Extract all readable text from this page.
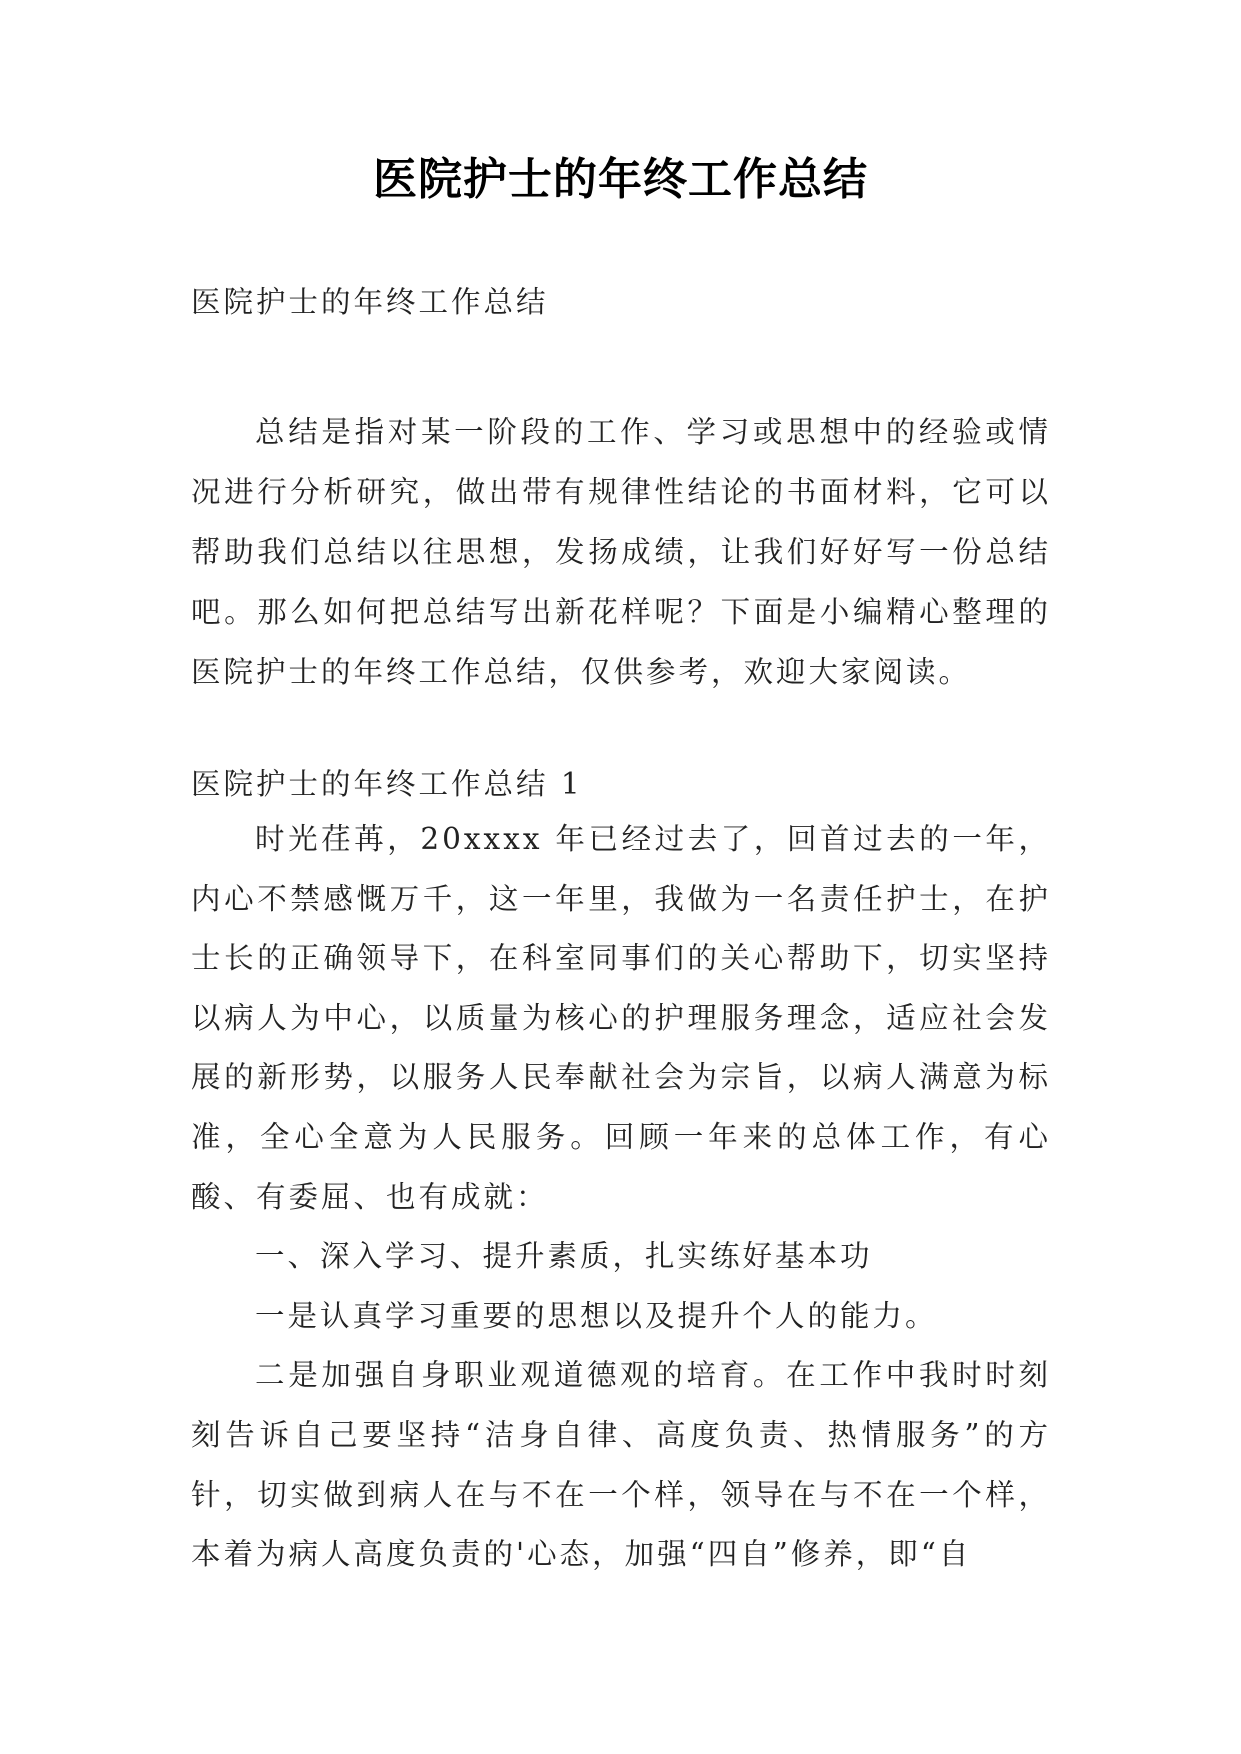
医院护士的年终工作总结
医院护士的年终工作总结

总结是指对某一阶段的工作、学习或思想中的经验或情况进行分析研究，做出带有规律性结论的书面材料，它可以帮助我们总结以往思想，发扬成绩，让我们好好写一份总结吧。那么如何把总结写出新花样呢？下面是小编精心整理的医院护士的年终工作总结，仅供参考，欢迎大家阅读。

医院护士的年终工作总结 1

时光荏苒，20xxxx 年已经过去了，回首过去的一年，内心不禁感慨万千，这一年里，我做为一名责任护士，在护士长的正确领导下，在科室同事们的关心帮助下，切实坚持以病人为中心，以质量为核心的护理服务理念，适应社会发展的新形势，以服务人民奉献社会为宗旨，以病人满意为标准，全心全意为人民服务。回顾一年来的总体工作，有心酸、有委屈、也有成就：

一、深入学习、提升素质，扎实练好基本功

一是认真学习重要的思想以及提升个人的能力。

二是加强自身职业观道德观的培育。在工作中我时时刻刻告诉自己要坚持“洁身自律、高度负责、热情服务”的方针，切实做到病人在与不在一个样，领导在与不在一个样，本着为病人高度负责的'心态，加强“四自”修养，即“自
